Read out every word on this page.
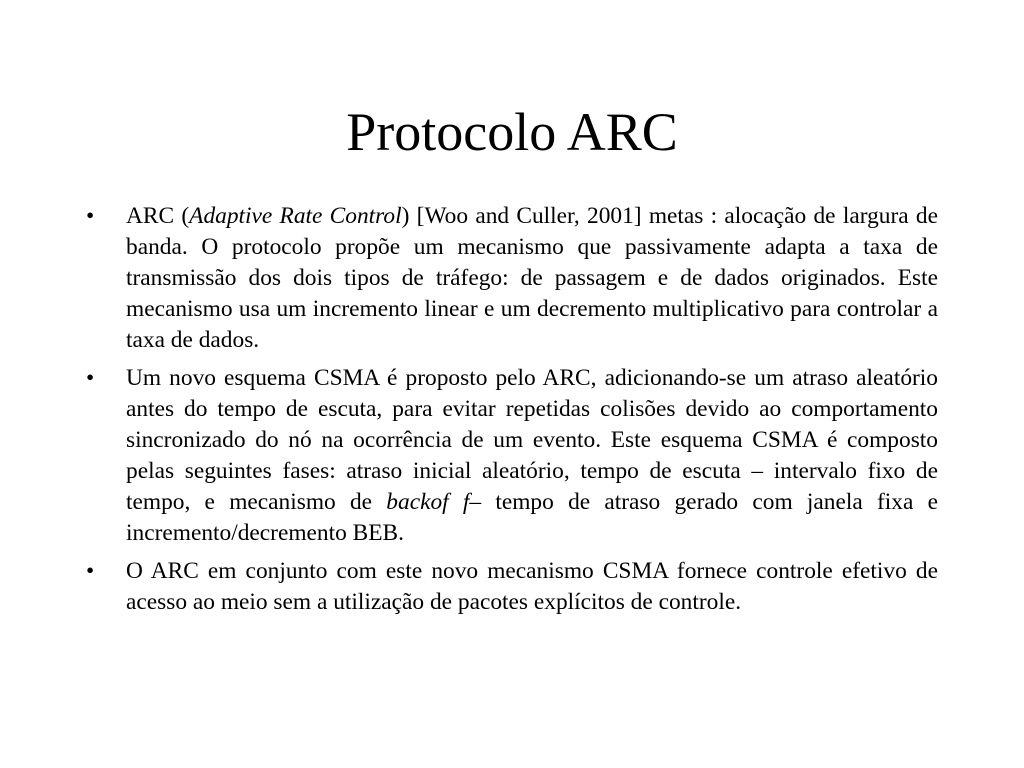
Protocolo ARC
•	ARC (Adaptive Rate Control) [Woo and Culler, 2001] metas : alocação de largura de banda. O protocolo propõe um mecanismo que passivamente adapta a taxa de transmissão dos dois tipos de tráfego: de passagem e de dados originados. Este mecanismo usa um incremento linear e um decremento multiplicativo para controlar a taxa de dados.
•	Um novo esquema CSMA é proposto pelo ARC, adicionando-se um atraso aleatório antes do tempo de escuta, para evitar repetidas colisões devido ao comportamento sincronizado do nó na ocorrência de um evento. Este esquema CSMA é composto pelas seguintes fases: atraso inicial aleatório, tempo de escuta – intervalo fixo de tempo, e mecanismo de backof f– tempo de atraso gerado com janela fixa e incremento/decremento BEB.
•	O ARC em conjunto com este novo mecanismo CSMA fornece controle efetivo de acesso ao meio sem a utilização de pacotes explícitos de controle.
